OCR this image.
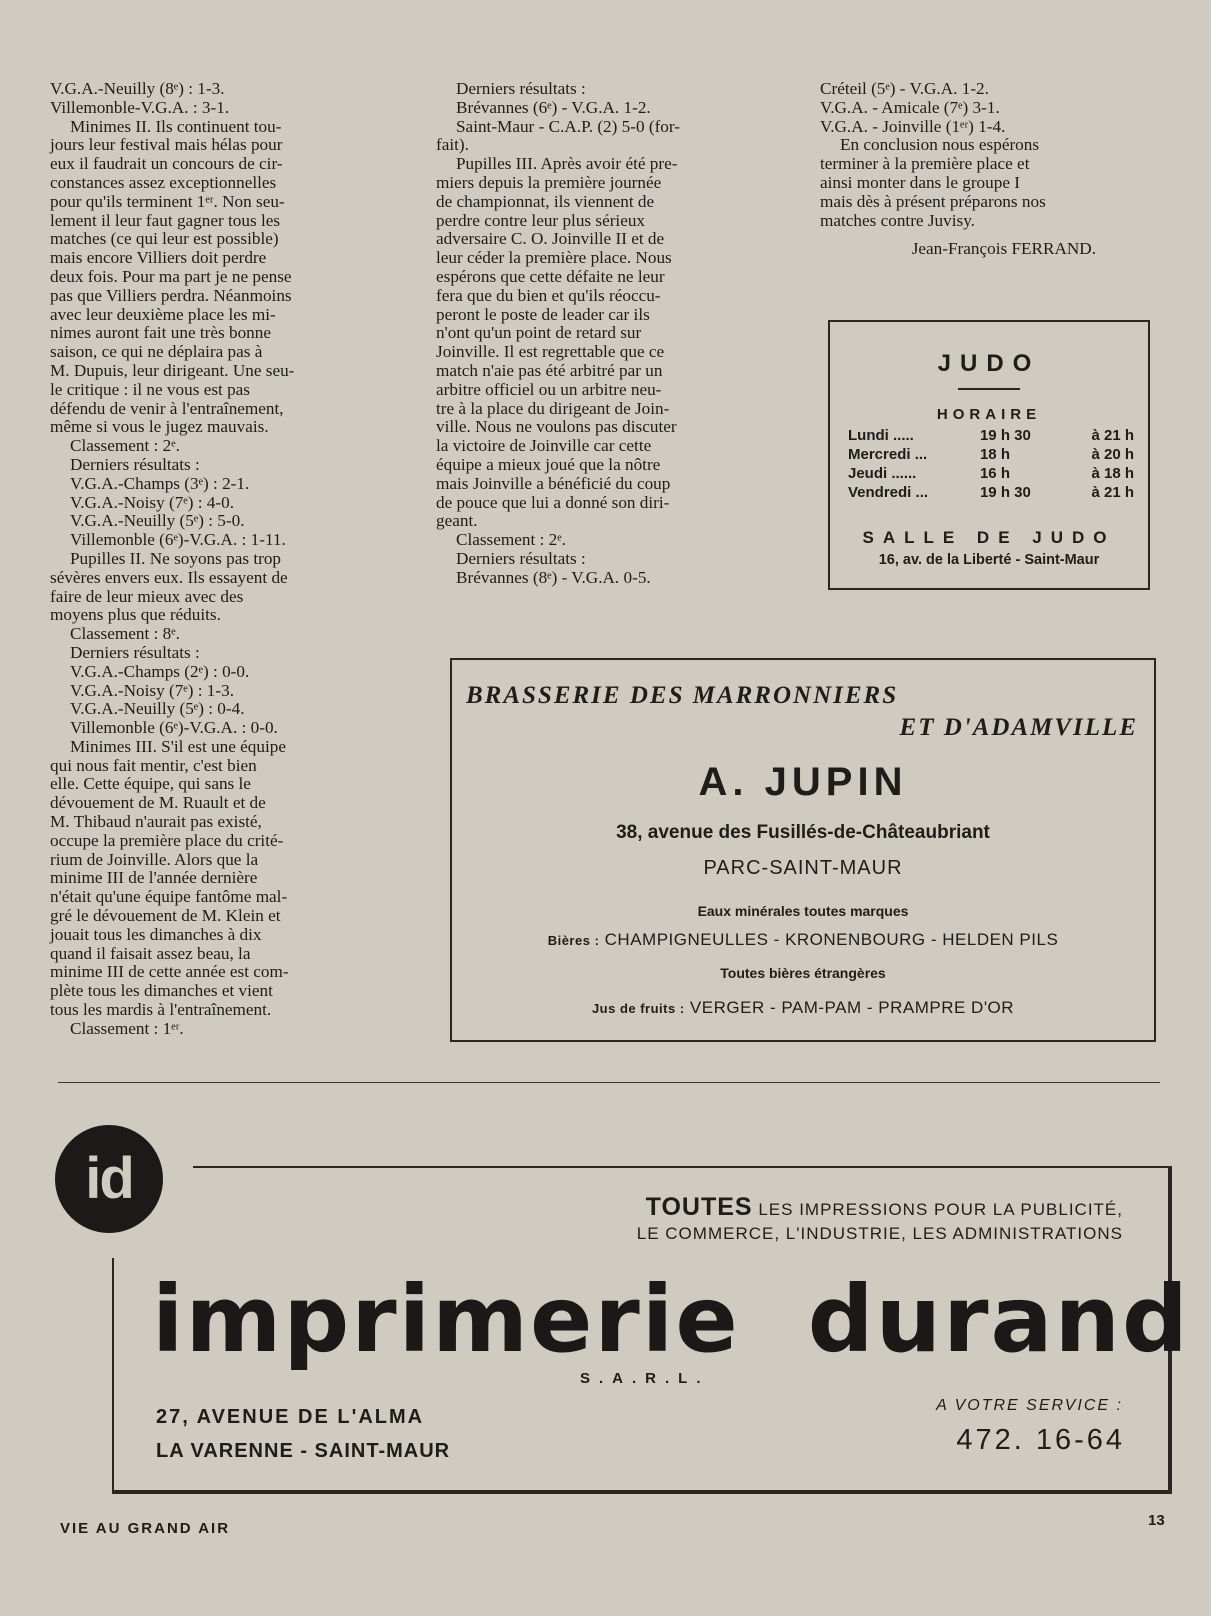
V.G.A.-Neuilly (8ᵉ) : 1-3.
Villemonble-V.G.A. : 3-1.
Minimes II. Ils continuent tou-
jours leur festival mais hélas pour
eux il faudrait un concours de cir-
constances assez exceptionnelles
pour qu'ils terminent 1ᵉʳ. Non seu-
lement il leur faut gagner tous les
matches (ce qui leur est possible)
mais encore Villiers doit perdre
deux fois. Pour ma part je ne pense
pas que Villiers perdra. Néanmoins
avec leur deuxième place les mi-
nimes auront fait une très bonne
saison, ce qui ne déplaira pas à
M. Dupuis, leur dirigeant. Une seu-
le critique : il ne vous est pas
défendu de venir à l'entraînement,
même si vous le jugez mauvais.
Classement : 2ᵉ.
Derniers résultats :
V.G.A.-Champs (3ᵉ) : 2-1.
V.G.A.-Noisy (7ᵉ) : 4-0.
V.G.A.-Neuilly (5ᵉ) : 5-0.
Villemonble (6ᵉ)-V.G.A. : 1-11.
Pupilles II. Ne soyons pas trop
sévères envers eux. Ils essayent de
faire de leur mieux avec des
moyens plus que réduits.
Classement : 8ᵉ.
Derniers résultats :
V.G.A.-Champs (2ᵉ) : 0-0.
V.G.A.-Noisy (7ᵉ) : 1-3.
V.G.A.-Neuilly (5ᵉ) : 0-4.
Villemonble (6ᵉ)-V.G.A. : 0-0.
Minimes III. S'il est une équipe
qui nous fait mentir, c'est bien
elle. Cette équipe, qui sans le
dévouement de M. Ruault et de
M. Thibaud n'aurait pas existé,
occupe la première place du crité-
rium de Joinville. Alors que la
minime III de l'année dernière
n'était qu'une équipe fantôme mal-
gré le dévouement de M. Klein et
jouait tous les dimanches à dix
quand il faisait assez beau, la
minime III de cette année est com-
plète tous les dimanches et vient
tous les mardis à l'entraînement.
Classement : 1ᵉʳ.
Derniers résultats :
Brévannes (6ᵉ) - V.G.A. 1-2.
Saint-Maur - C.A.P. (2) 5-0 (for-
fait).
Pupilles III. Après avoir été pre-
miers depuis la première journée
de championnat, ils viennent de
perdre contre leur plus sérieux
adversaire C. O. Joinville II et de
leur céder la première place. Nous
espérons que cette défaite ne leur
fera que du bien et qu'ils réoccu-
peront le poste de leader car ils
n'ont qu'un point de retard sur
Joinville. Il est regrettable que ce
match n'aie pas été arbitré par un
arbitre officiel ou un arbitre neu-
tre à la place du dirigeant de Join-
ville. Nous ne voulons pas discuter
la victoire de Joinville car cette
équipe a mieux joué que la nôtre
mais Joinville a bénéficié du coup
de pouce que lui a donné son diri-
geant.
Classement : 2ᵉ.
Derniers résultats :
Brévannes (8ᵉ) - V.G.A. 0-5.
Créteil (5ᵉ) - V.G.A. 1-2.
V.G.A. - Amicale (7ᵉ) 3-1.
V.G.A. - Joinville (1ᵉʳ) 1-4.
En conclusion nous espérons
terminer à la première place et
ainsi monter dans le groupe I
mais dès à présent préparons nos
matches contre Juvisy.
Jean-François FERRAND.
JUDO
HORAIRE
Lundi .....	19 h 30	à 21 h
Mercredi ...	18 h	à 20 h
Jeudi ......	16 h	à 18 h
Vendredi ...	19 h 30	à 21 h
SALLE DE JUDO
16, av. de la Liberté - Saint-Maur
BRASSERIE DES MARRONNIERS
ET D'ADAMVILLE
A. JUPIN
38, avenue des Fusillés-de-Châteaubriant
PARC-SAINT-MAUR
Eaux minérales toutes marques
Bières : CHAMPIGNEULLES - KRONENBOURG - HELDEN PILS
Toutes bières étrangères
Jus de fruits : VERGER - PAM-PAM - PRAMPRE D'OR
id	TOUTES LES IMPRESSIONS POUR LA PUBLICITÉ,
LE COMMERCE, L'INDUSTRIE, LES ADMINISTRATIONS
imprimerie durand
S.A.R.L.
27, AVENUE DE L'ALMA
LA VARENNE - SAINT-MAUR
A VOTRE SERVICE :
472. 16-64
VIE AU GRAND AIR	13
